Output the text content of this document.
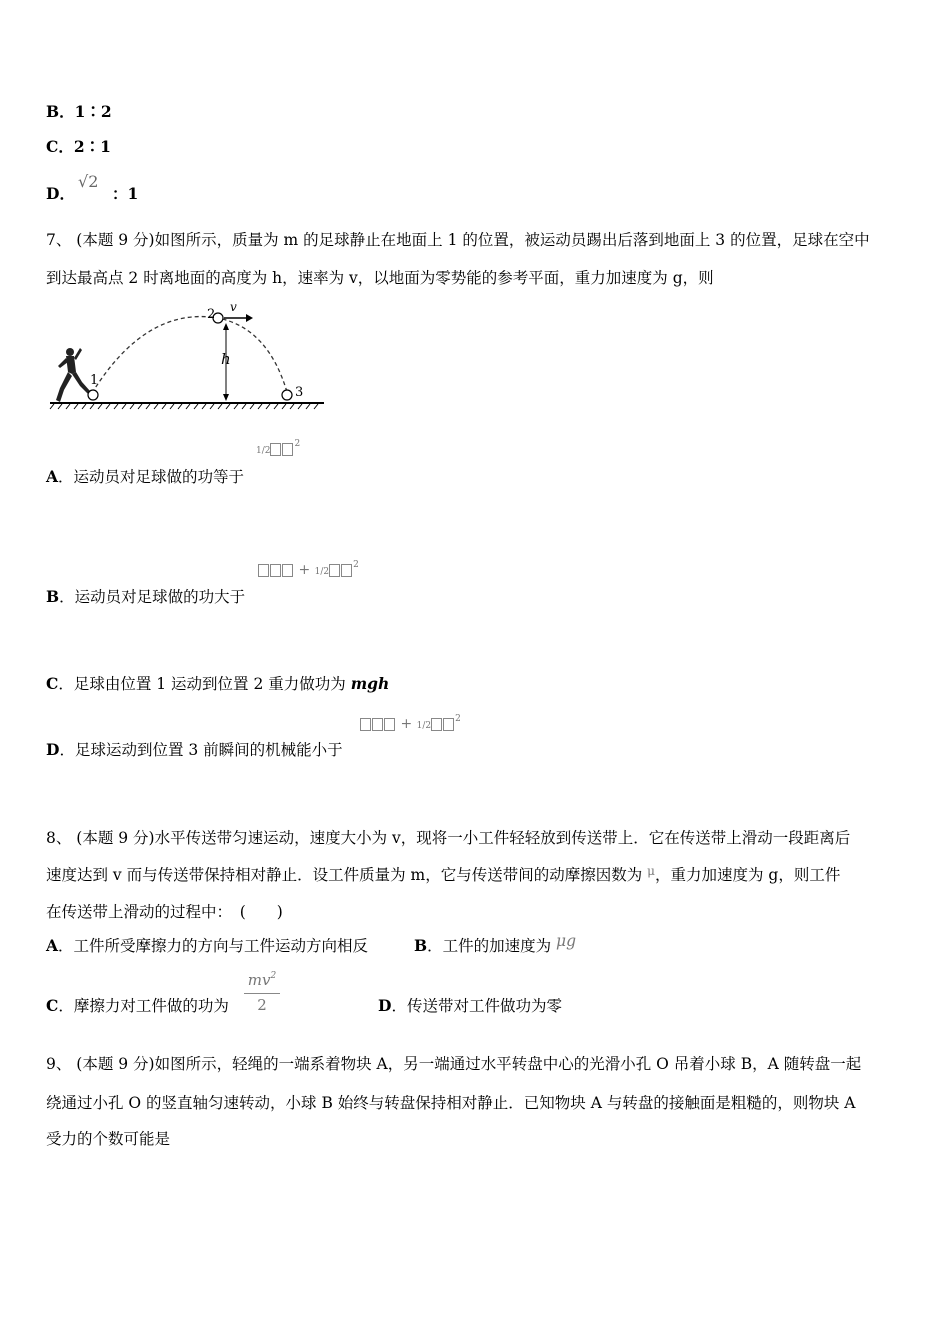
B．1∶2
C．2∶1
D．
√2
：1
7、 (本题 9 分)如图所示，质量为 m 的足球静止在地面上 1 的位置，被运动员踢出后落到地面上 3 的位置，足球在空中
到达最高点 2 时离地面的高度为 h，速率为 v，以地面为零势能的参考平面，重力加速度为 g，则
1
2
3
v
h
A．运动员对足球做的功等于
$1/2^2$
B．运动员对足球做的功大于
+ $1/2^2$
C．足球由位置 1 运动到位置 2 重力做功为 mgh
D．足球运动到位置 3 前瞬间的机械能小于
+ $1/2^2$
8、 (本题 9 分)水平传送带匀速运动，速度大小为 v，现将一小工件轻轻放到传送带上．它在传送带上滑动一段距离后
速度达到 v 而与传送带保持相对静止．设工件质量为 m，它与传送带间的动摩擦因数为 $^\mu$，重力加速度为 g，则工件
在传送带上滑动的过程中：　(　　)
A．工件所受摩擦力的方向与工件运动方向相反	B．工件的加速度为 μg
C．摩擦力对工件做的功为
$mv^2$
2	D．传送带对工件做功为零
9、 (本题 9 分)如图所示，轻绳的一端系着物块 A，另一端通过水平转盘中心的光滑小孔 O 吊着小球 B，A 随转盘一起
绕通过小孔 O 的竖直轴匀速转动，小球 B 始终与转盘保持相对静止．已知物块 A 与转盘的接触面是粗糙的，则物块 A
受力的个数可能是
